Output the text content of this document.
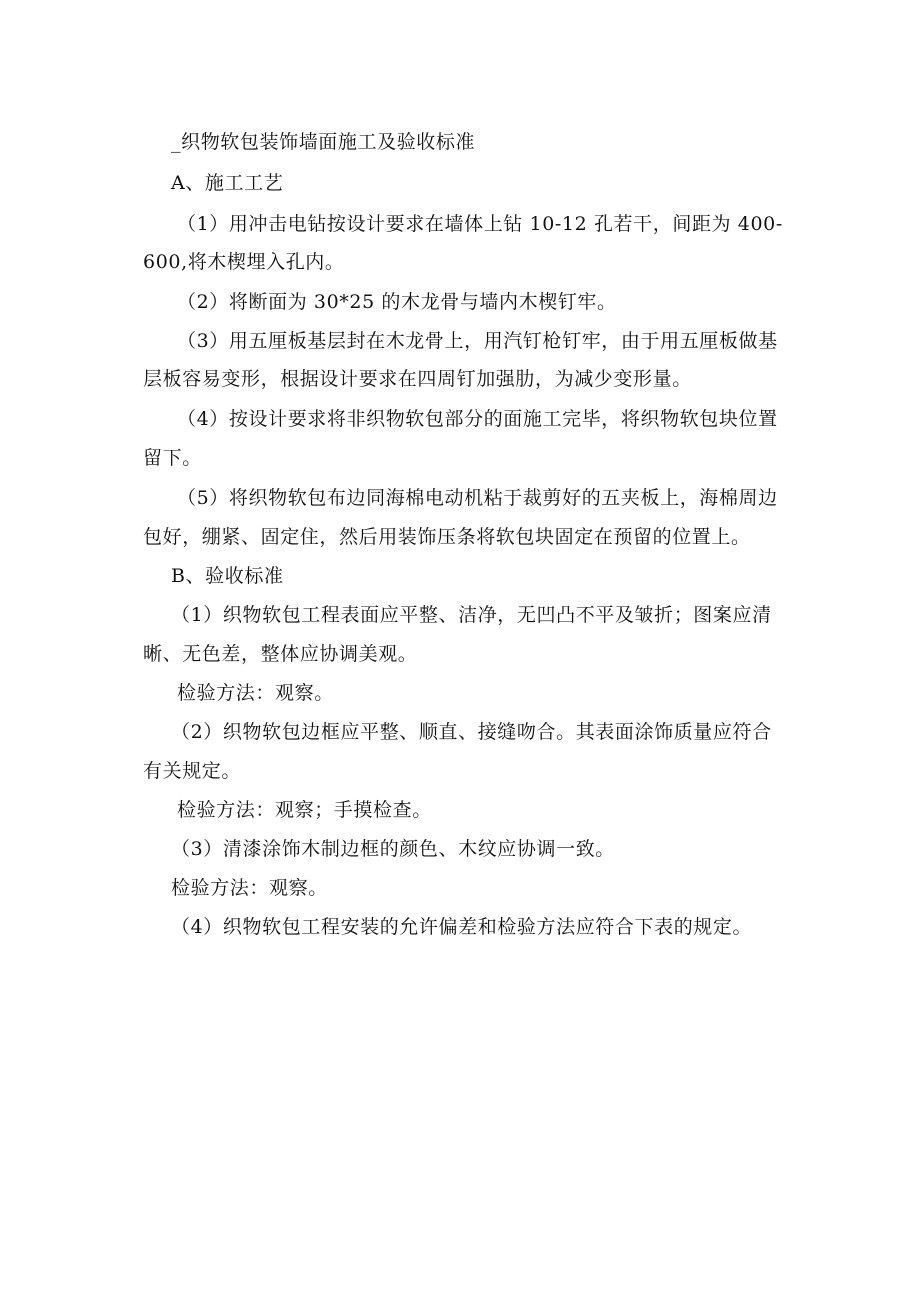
_织物软包装饰墙面施工及验收标准
A、施工工艺
（1）用冲击电钻按设计要求在墙体上钻 10-12 孔若干，间距为 400-
600,将木楔埋入孔内。
（2）将断面为 30*25 的木龙骨与墙内木楔钉牢。
（3）用五厘板基层封在木龙骨上，用汽钉枪钉牢，由于用五厘板做基
层板容易变形，根据设计要求在四周钉加强肋，为减少变形量。
（4）按设计要求将非织物软包部分的面施工完毕，将织物软包块位置
留下。
（5）将织物软包布边同海棉电动机粘于裁剪好的五夹板上，海棉周边
包好，绷紧、固定住，然后用装饰压条将软包块固定在预留的位置上。
B、验收标准
（1）织物软包工程表面应平整、洁净，无凹凸不平及皱折；图案应清
晰、无色差，整体应协调美观。
检验方法：观察。
（2）织物软包边框应平整、顺直、接缝吻合。其表面涂饰质量应符合
有关规定。
检验方法：观察；手摸检查。
（3）清漆涂饰木制边框的颜色、木纹应协调一致。
检验方法：观察。
（4）织物软包工程安装的允许偏差和检验方法应符合下表的规定。
